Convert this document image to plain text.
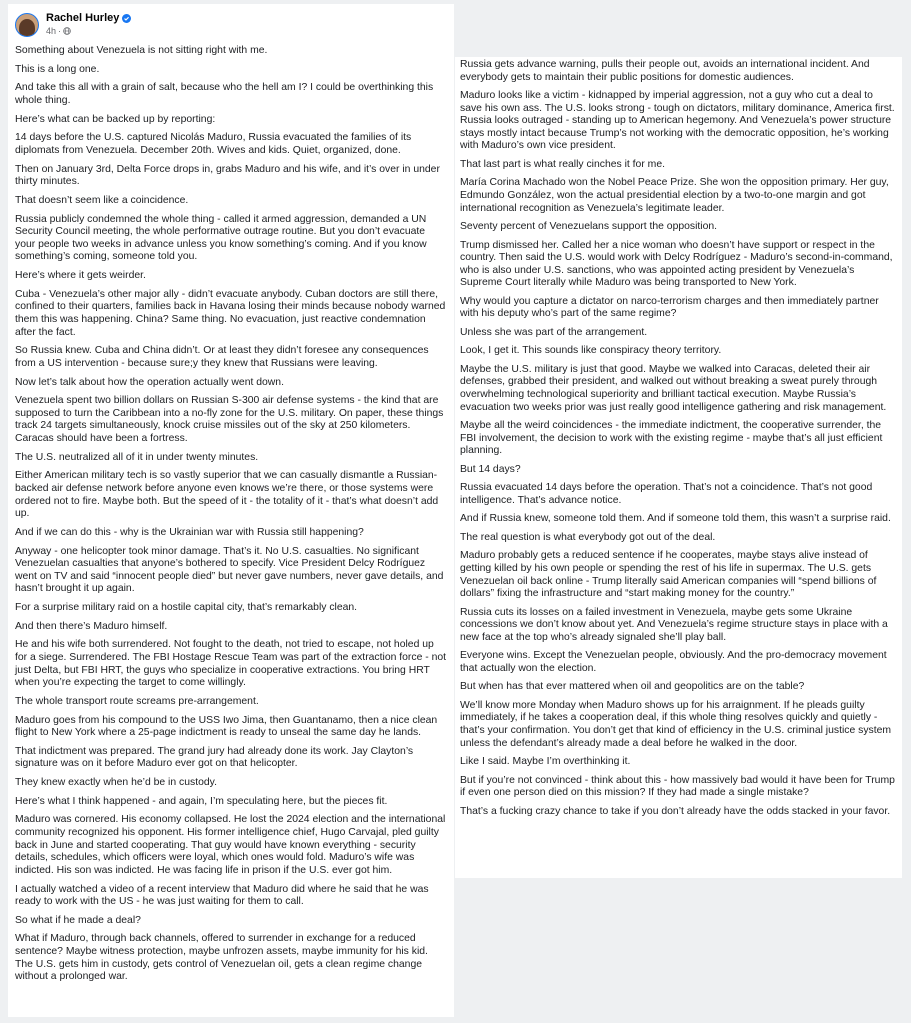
Rachel Hurley
4h ·

Something about Venezuela is not sitting right with me.

This is a long one.

And take this all with a grain of salt, because who the hell am I? I could be overthinking this whole thing.

Here’s what can be backed up by reporting:

14 days before the U.S. captured Nicolás Maduro, Russia evacuated the families of its diplomats from Venezuela. December 20th. Wives and kids. Quiet, organized, done.

Then on January 3rd, Delta Force drops in, grabs Maduro and his wife, and it’s over in under thirty minutes.

That doesn’t seem like a coincidence.

Russia publicly condemned the whole thing - called it armed aggression, demanded a UN Security Council meeting, the whole performative outrage routine. But you don’t evacuate your people two weeks in advance unless you know something’s coming. And if you know something’s coming, someone told you.

Here’s where it gets weirder.

Cuba - Venezuela’s other major ally - didn’t evacuate anybody. Cuban doctors are still there, confined to their quarters, families back in Havana losing their minds because nobody warned them this was happening. China? Same thing. No evacuation, just reactive condemnation after the fact.

So Russia knew. Cuba and China didn’t. Or at least they didn’t foresee any consequences from a US intervention - because sure;y they knew that Russians were leaving.

Now let’s talk about how the operation actually went down.

Venezuela spent two billion dollars on Russian S-300 air defense systems - the kind that are supposed to turn the Caribbean into a no-fly zone for the U.S. military. On paper, these things track 24 targets simultaneously, knock cruise missiles out of the sky at 250 kilometers. Caracas should have been a fortress.

The U.S. neutralized all of it in under twenty minutes.

Either American military tech is so vastly superior that we can casually dismantle a Russian-backed air defense network before anyone even knows we’re there, or those systems were ordered not to fire. Maybe both. But the speed of it - the totality of it - that’s what doesn’t add up.

And if we can do this - why is the Ukrainian war with Russia still happening?

Anyway - one helicopter took minor damage. That’s it. No U.S. casualties. No significant Venezuelan casualties that anyone’s bothered to specify. Vice President Delcy Rodríguez went on TV and said “innocent people died” but never gave numbers, never gave details, and hasn’t brought it up again.

For a surprise military raid on a hostile capital city, that’s remarkably clean.

And then there’s Maduro himself.

He and his wife both surrendered. Not fought to the death, not tried to escape, not holed up for a siege. Surrendered. The FBI Hostage Rescue Team was part of the extraction force - not just Delta, but FBI HRT, the guys who specialize in cooperative extractions. You bring HRT when you’re expecting the target to come willingly.

The whole transport route screams pre-arrangement.

Maduro goes from his compound to the USS Iwo Jima, then Guantanamo, then a nice clean flight to New York where a 25-page indictment is ready to unseal the same day he lands.

That indictment was prepared. The grand jury had already done its work. Jay Clayton’s signature was on it before Maduro ever got on that helicopter.

They knew exactly when he’d be in custody.

Here’s what I think happened - and again, I’m speculating here, but the pieces fit.

Maduro was cornered. His economy collapsed. He lost the 2024 election and the international community recognized his opponent. His former intelligence chief, Hugo Carvajal, pled guilty back in June and started cooperating. That guy would have known everything - security details, schedules, which officers were loyal, which ones would fold. Maduro’s wife was indicted. His son was indicted. He was facing life in prison if the U.S. ever got him.

I actually watched a video of a recent interview that Maduro did where he said that he was ready to work with the US - he was just waiting for them to call.

So what if he made a deal?

What if Maduro, through back channels, offered to surrender in exchange for a reduced sentence? Maybe witness protection, maybe unfrozen assets, maybe immunity for his kid. The U.S. gets him in custody, gets control of Venezuelan oil, gets a clean regime change without a prolonged war.

Russia gets advance warning, pulls their people out, avoids an international incident. And everybody gets to maintain their public positions for domestic audiences.

Maduro looks like a victim - kidnapped by imperial aggression, not a guy who cut a deal to save his own ass. The U.S. looks strong - tough on dictators, military dominance, America first. Russia looks outraged - standing up to American hegemony. And Venezuela’s power structure stays mostly intact because Trump’s not working with the democratic opposition, he’s working with Maduro’s own vice president.

That last part is what really cinches it for me.

María Corina Machado won the Nobel Peace Prize. She won the opposition primary. Her guy, Edmundo González, won the actual presidential election by a two-to-one margin and got international recognition as Venezuela’s legitimate leader.

Seventy percent of Venezuelans support the opposition.

Trump dismissed her. Called her a nice woman who doesn’t have support or respect in the country. Then said the U.S. would work with Delcy Rodríguez - Maduro’s second-in-command, who is also under U.S. sanctions, who was appointed acting president by Venezuela’s Supreme Court literally while Maduro was being transported to New York.

Why would you capture a dictator on narco-terrorism charges and then immediately partner with his deputy who’s part of the same regime?

Unless she was part of the arrangement.

Look, I get it. This sounds like conspiracy theory territory.

Maybe the U.S. military is just that good. Maybe we walked into Caracas, deleted their air defenses, grabbed their president, and walked out without breaking a sweat purely through overwhelming technological superiority and brilliant tactical execution. Maybe Russia’s evacuation two weeks prior was just really good intelligence gathering and risk management.

Maybe all the weird coincidences - the immediate indictment, the cooperative surrender, the FBI involvement, the decision to work with the existing regime - maybe that’s all just efficient planning.

But 14 days?

Russia evacuated 14 days before the operation. That’s not a coincidence. That’s not good intelligence. That’s advance notice.

And if Russia knew, someone told them. And if someone told them, this wasn’t a surprise raid.

The real question is what everybody got out of the deal.

Maduro probably gets a reduced sentence if he cooperates, maybe stays alive instead of getting killed by his own people or spending the rest of his life in supermax. The U.S. gets Venezuelan oil back online - Trump literally said American companies will “spend billions of dollars” fixing the infrastructure and “start making money for the country.”

Russia cuts its losses on a failed investment in Venezuela, maybe gets some Ukraine concessions we don’t know about yet. And Venezuela’s regime structure stays in place with a new face at the top who’s already signaled she’ll play ball.

Everyone wins. Except the Venezuelan people, obviously. And the pro-democracy movement that actually won the election.

But when has that ever mattered when oil and geopolitics are on the table?

We’ll know more Monday when Maduro shows up for his arraignment. If he pleads guilty immediately, if he takes a cooperation deal, if this whole thing resolves quickly and quietly - that’s your confirmation. You don’t get that kind of efficiency in the U.S. criminal justice system unless the defendant’s already made a deal before he walked in the door.

Like I said. Maybe I’m overthinking it.

But if you’re not convinced - think about this - how massively bad would it have been for Trump if even one person died on this mission? If they had made a single mistake?

That’s a fucking crazy chance to take if you don’t already have the odds stacked in your favor.
